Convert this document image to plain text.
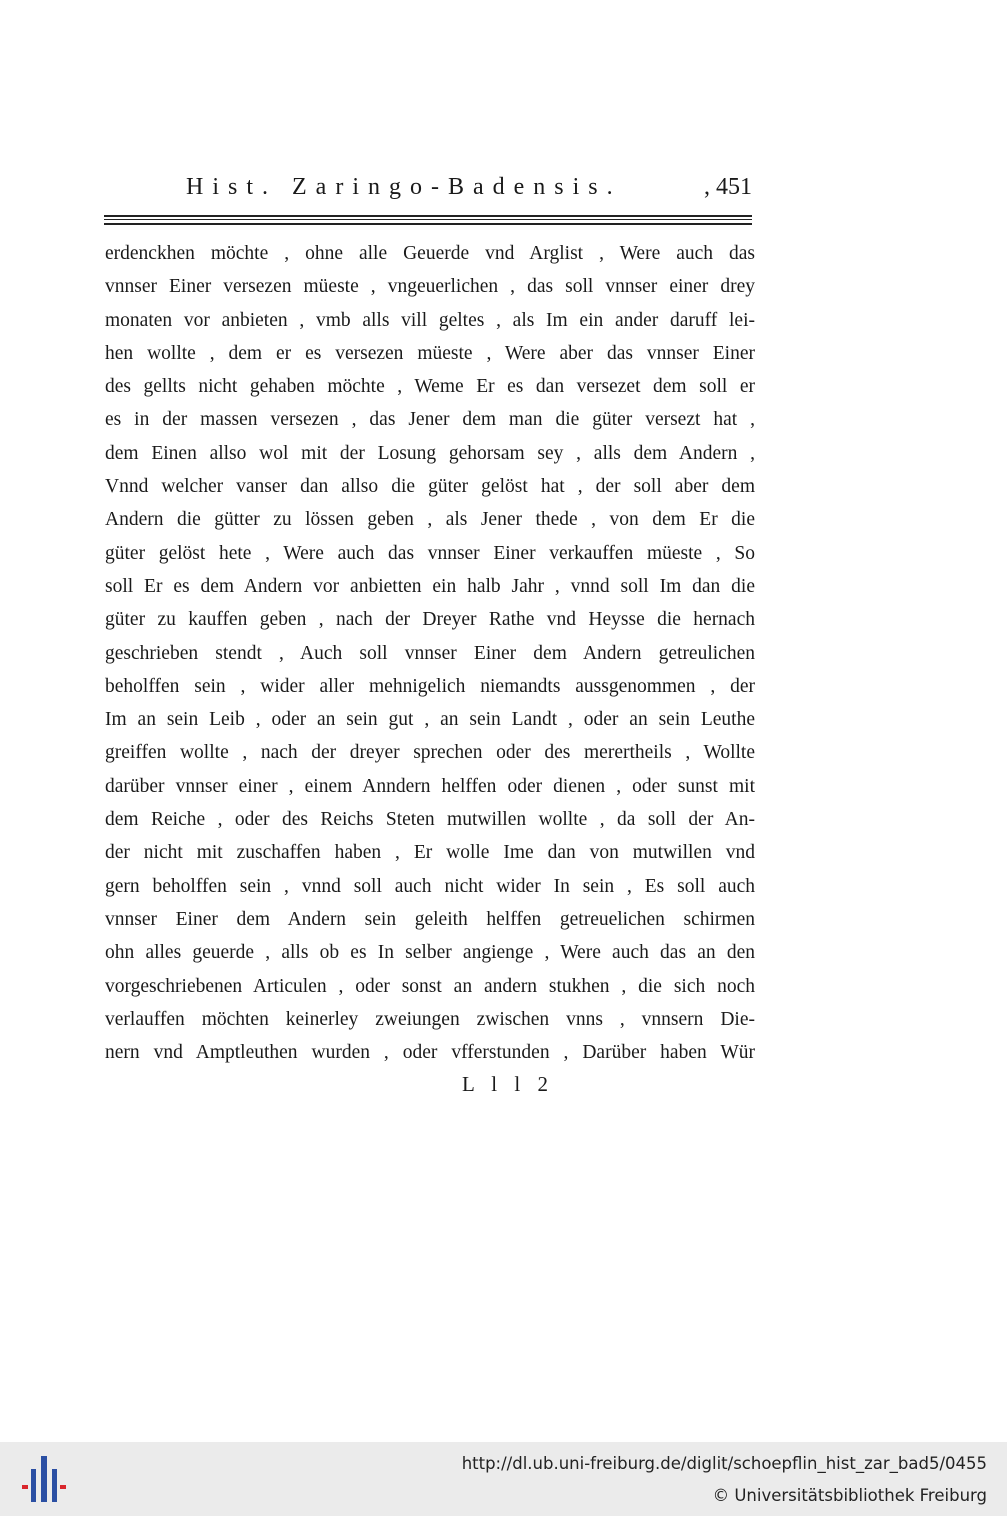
Hist. Zaringo-Badensis.	, 451
erdenckhen möchte , ohne alle Geuerde vnd Arglist , Were auch das
vnnser Einer versezen müeste , vngeuerlichen , das soll vnnser einer drey
monaten vor anbieten , vmb alls vill geltes , als Im ein ander daruff lei-
hen wollte , dem er es versezen müeste , Were aber das vnnser Einer
des gellts nicht gehaben möchte , Weme Er es dan versezet dem soll er
es in der massen versezen , das Jener dem man die güter versezt hat ,
dem Einen allso wol mit der Losung gehorsam sey , alls dem Andern ,
Vnnd welcher vanser dan allso die güter gelöst hat , der soll aber dem
Andern die gütter zu lössen geben , als Jener thede , von dem Er die
güter gelöst hete , Were auch das vnnser Einer verkauffen müeste , So
soll Er es dem Andern vor anbietten ein halb Jahr , vnnd soll Im dan die
güter zu kauffen geben , nach der Dreyer Rathe vnd Heysse die hernach
geschrieben stendt , Auch soll vnnser Einer dem Andern getreulichen
beholffen sein , wider aller mehnigelich niemandts aussgenommen , der
Im an sein Leib , oder an sein gut , an sein Landt , oder an sein Leuthe
greiffen wollte , nach der dreyer sprechen oder des merertheils , Wollte
darüber vnnser einer , einem Anndern helffen oder dienen , oder sunst mit
dem Reiche , oder des Reichs Steten mutwillen wollte , da soll der An-
der nicht mit zuschaffen haben , Er wolle Ime dan von mutwillen vnd
gern beholffen sein , vnnd soll auch nicht wider In sein , Es soll auch
vnnser Einer dem Andern sein geleith helffen getreuelichen schirmen
ohn alles geuerde , alls ob es In selber angienge , Were auch das an den
vorgeschriebenen Articulen , oder sonst an andern stukhen , die sich noch
verlauffen möchten keinerley zweiungen zwischen vnns , vnnsern Die-
nern vnd Amptleuthen wurden , oder vfferstunden , Darüber haben Wür
L l l 2
http://dl.ub.uni-freiburg.de/diglit/schoepflin_hist_zar_bad5/0455
© Universitätsbibliothek Freiburg
